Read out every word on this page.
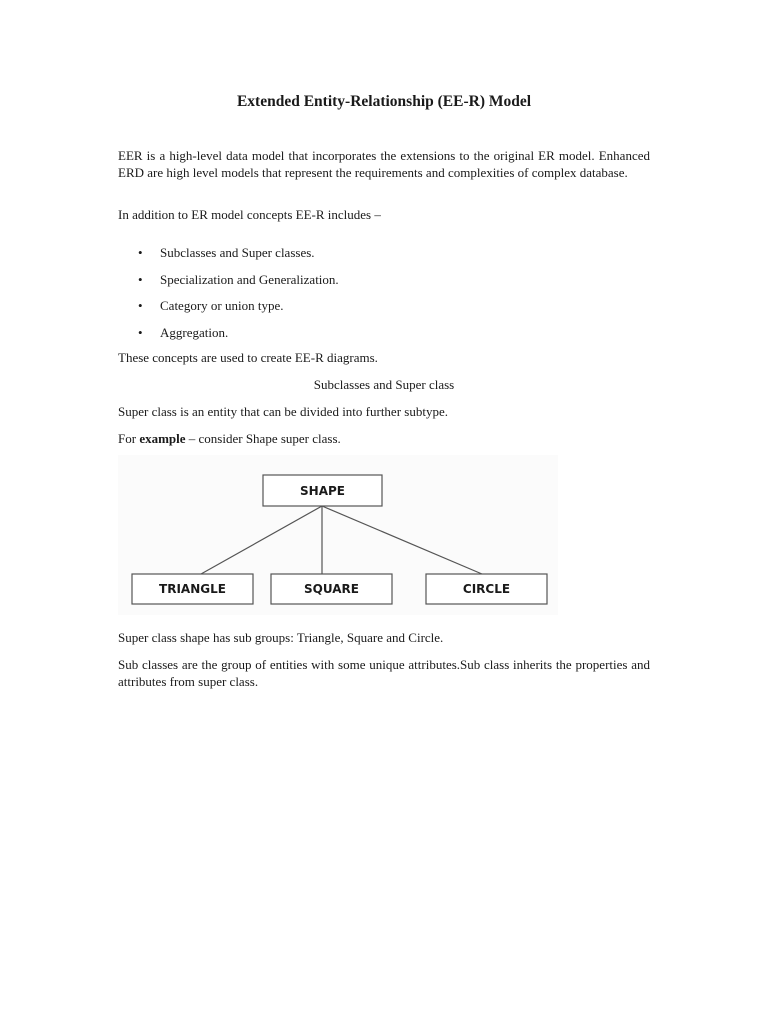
Extended Entity-Relationship (EE-R) Model

EER is a high-level data model that incorporates the extensions to the original ER model. Enhanced ERD are high level models that represent the requirements and complexities of complex database.

In addition to ER model concepts EE-R includes –

• Subclasses and Super classes.
• Specialization and Generalization.
• Category or union type.
• Aggregation.

These concepts are used to create EE-R diagrams.

Subclasses and Super class

Super class is an entity that can be divided into further subtype.

For example – consider Shape super class.

SHAPE
TRIANGLE	SQUARE	CIRCLE

Super class shape has sub groups: Triangle, Square and Circle.

Sub classes are the group of entities with some unique attributes.Sub class inherits the properties and attributes from super class.
